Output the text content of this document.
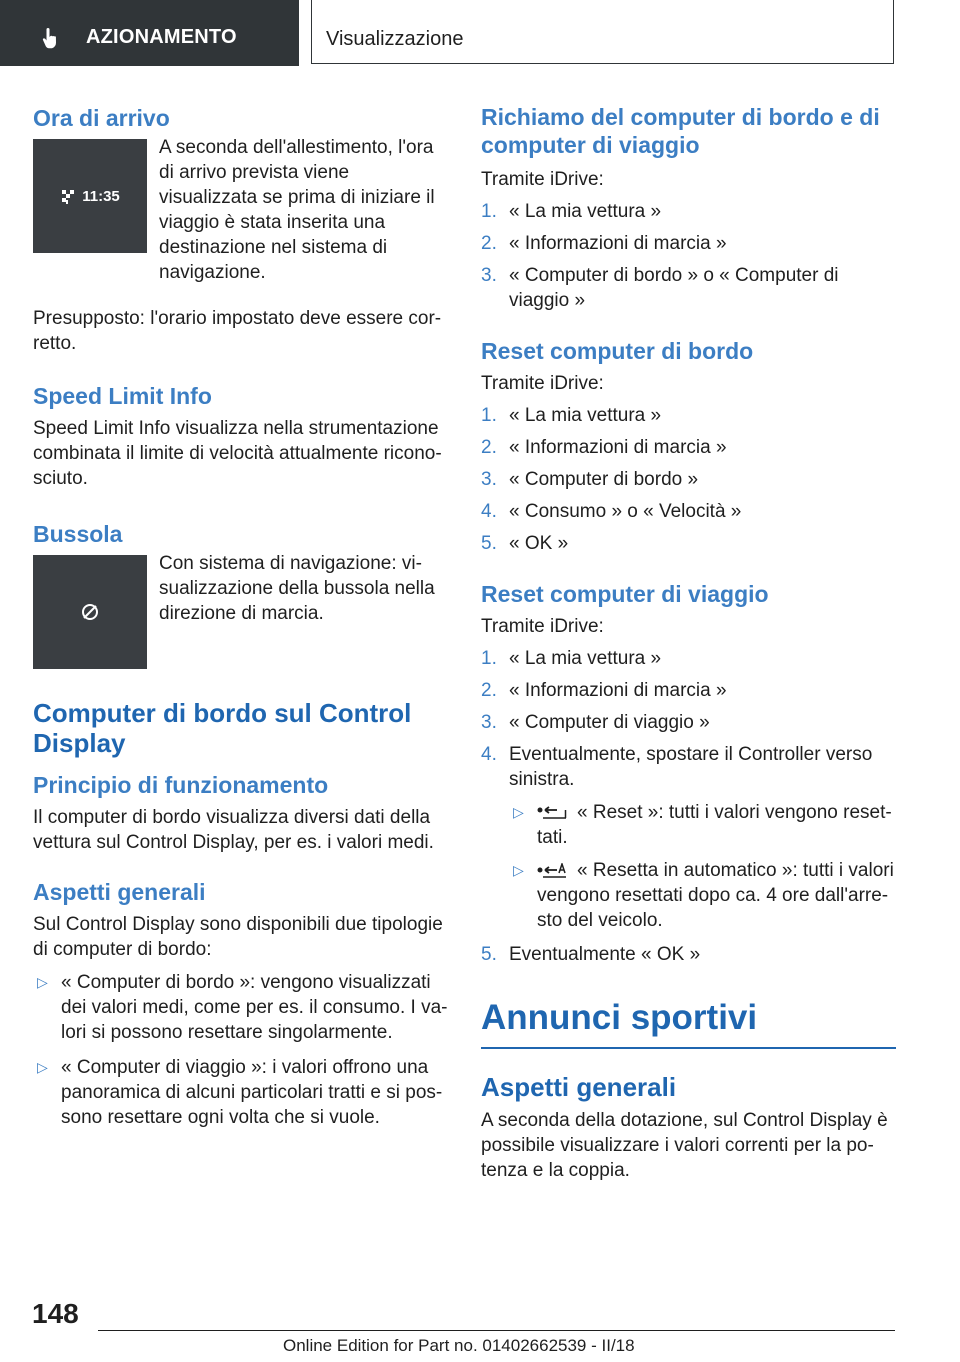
AZIONAMENTO	Visualizzazione
Ora di arrivo
11:35

A seconda dell'allestimento, l'ora di arrivo prevista viene visualizzata se prima di iniziare il viaggio è stata inserita una destinazione nel sistema di navigazione.

Presupposto: l'orario impostato deve essere corretto.

Speed Limit Info

Speed Limit Info visualizza nella strumentazione combinata il limite di velocità attualmente riconosciuto.

Bussola

Con sistema di navigazione: visualizzazione della bussola nella direzione di marcia.

Computer di bordo sul Control Display
Principio di funzionamento

Il computer di bordo visualizza diversi dati della vettura sul Control Display, per es. i valori medi.

Aspetti generali

Sul Control Display sono disponibili due tipologie di computer di bordo:

▷ « Computer di bordo »: vengono visualizzati dei valori medi, come per es. il consumo. I valori si possono resettare singolarmente.
▷ « Computer di viaggio »: i valori offrono una panoramica di alcuni particolari tratti e si possono resettare ogni volta che si vuole.
Richiamo del computer di bordo e di computer di viaggio

Tramite iDrive:

1. « La mia vettura »
2. « Informazioni di marcia »
3. « Computer di bordo » o « Computer di viaggio »
Reset computer di bordo

Tramite iDrive:

1. « La mia vettura »
2. « Informazioni di marcia »
3. « Computer di bordo »
4. « Consumo » o « Velocità »
5. « OK »
Reset computer di viaggio

Tramite iDrive:

1. « La mia vettura »
2. « Informazioni di marcia »
3. « Computer di viaggio »
4. Eventualmente, spostare il Controller verso sinistra.
▷	« Reset »: tutti i valori vengono resettati.
▷	« Resetta in automatico »: tutti i valori vengono resettati dopo ca. 4 ore dall'arresto del veicolo.
5. Eventualmente « OK »
Annunci sportivi
Aspetti generali

A seconda della dotazione, sul Control Display è possibile visualizzare i valori correnti per la potenza e la coppia.

148
Online Edition for Part no. 01402662539 - II/18
